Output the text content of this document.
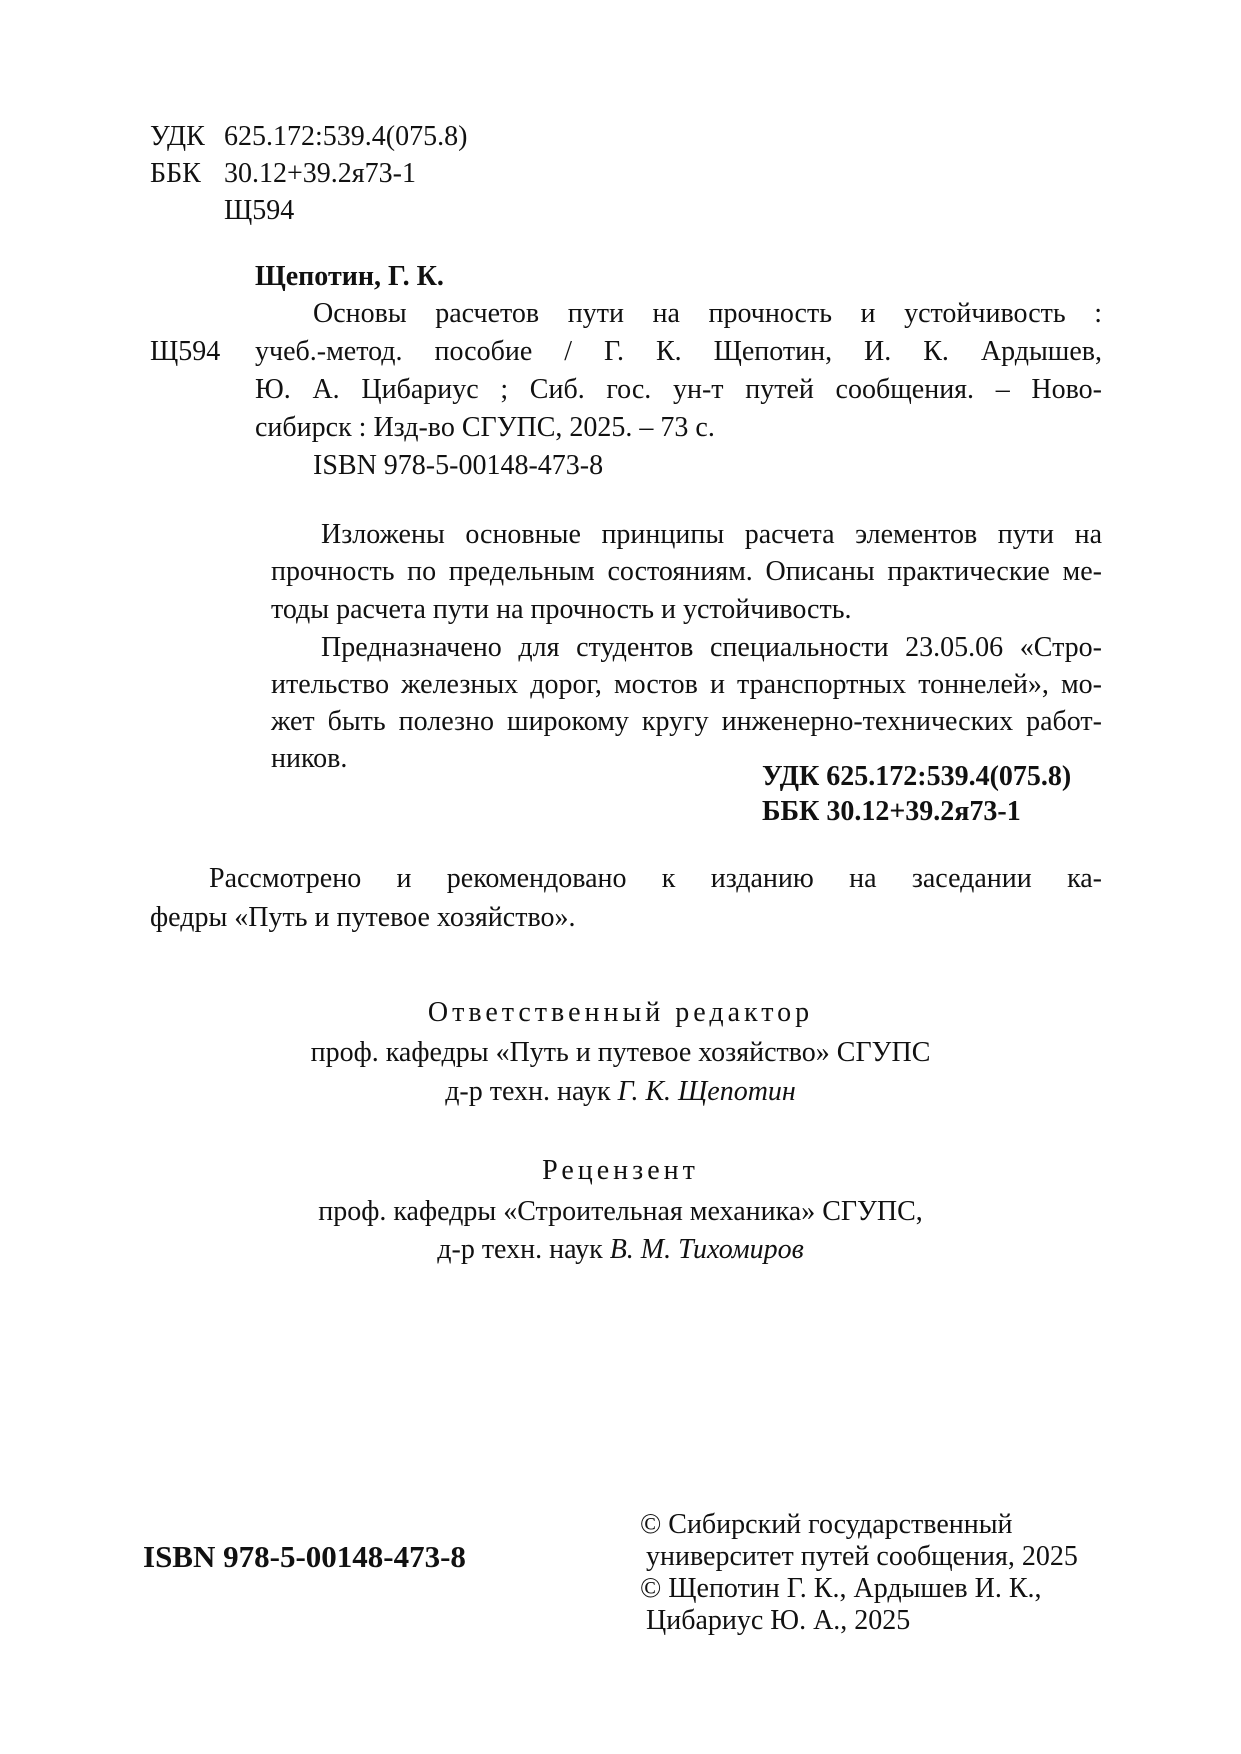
УДК 625.172:539.4(075.8)
ББК 30.12+39.2я73-1
Щ594
Щепотин, Г. К.
Основы расчетов пути на прочность и устойчивость :
Щ594 учеб.-метод. пособие / Г. К. Щепотин, И. К. Ардышев,
Ю. А. Цибариус ; Сиб. гос. ун-т путей сообщения. – Ново-
сибирск : Изд-во СГУПС, 2025. – 73 с.
ISBN 978-5-00148-473-8
Изложены основные принципы расчета элементов пути на
прочность по предельным состояниям. Описаны практические ме-
тоды расчета пути на прочность и устойчивость.
Предназначено для студентов специальности 23.05.06 «Стро-
ительство железных дорог, мостов и транспортных тоннелей», мо-
жет быть полезно широкому кругу инженерно-технических работ-
ников.
УДК 625.172:539.4(075.8)
ББК 30.12+39.2я73-1
Рассмотрено и рекомендовано к изданию на заседании ка-
федры «Путь и путевое хозяйство».
Ответственный редактор
проф. кафедры «Путь и путевое хозяйство» СГУПС
д-р техн. наук Г. К. Щепотин
Рецензент
проф. кафедры «Строительная механика» СГУПС,
д-р техн. наук В. М. Тихомиров
ISBN 978-5-00148-473-8
© Сибирский государственный
университет путей сообщения, 2025
© Щепотин Г. К., Ардышев И. К.,
Цибариус Ю. А., 2025
